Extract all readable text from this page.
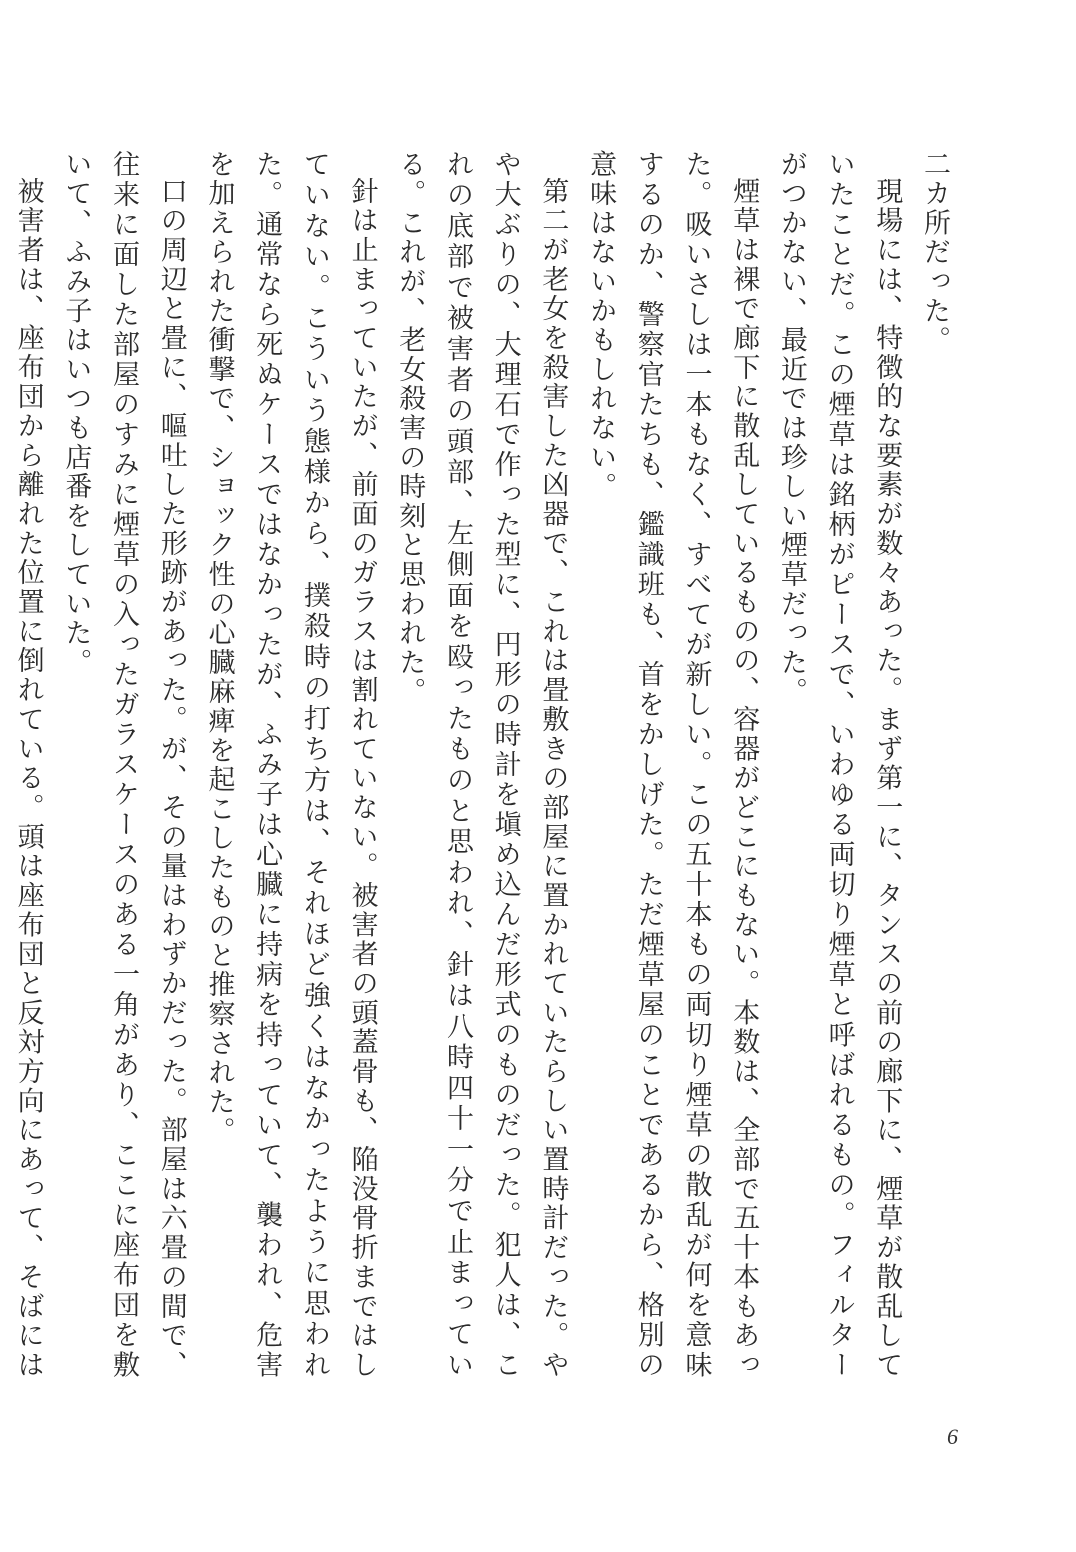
二カ所だった。

現場には、特徴的な要素が数々あった。まず第一に、タンスの前の廊下に、煙草が散乱していたことだ。この煙草は銘柄がピースで、いわゆる両切り煙草と呼ばれるもの。フィルターがつかない、最近では珍しい煙草だった。

煙草は裸で廊下に散乱しているものの、容器がどこにもない。本数は、全部で五十本もあった。吸いさしは一本もなく、すべてが新しい。この五十本もの両切り煙草の散乱が何を意味するのか、警察官たちも、鑑識班も、首をかしげた。ただ煙草屋のことであるから、格別の意味はないかもしれない。

第二が老女を殺害した凶器で、これは畳敷きの部屋に置かれていたらしい置時計だった。やや大ぶりの、大理石で作った型に、円形の時計を塡め込んだ形式のものだった。犯人は、これの底部で被害者の頭部、左側面を殴ったものと思われ、針は八時四十一分で止まっている。これが、老女殺害の時刻と思われた。

針は止まっていたが、前面のガラスは割れていない。被害者の頭蓋骨も、陥没骨折まではしていない。こういう態様から、撲殺時の打ち方は、それほど強くはなかったように思われた。通常なら死ぬケースではなかったが、ふみ子は心臓に持病を持っていて、襲われ、危害を加えられた衝撃で、ショック性の心臓麻痺を起こしたものと推察された。

口の周辺と畳に、嘔吐した形跡があった。が、その量はわずかだった。部屋は六畳の間で、往来に面した部屋のすみに煙草の入ったガラスケースのある一角があり、ここに座布団を敷いて、ふみ子はいつも店番をしていた。

被害者は、座布団から離れた位置に倒れている。頭は座布団と反対方向にあって、そばには

6
